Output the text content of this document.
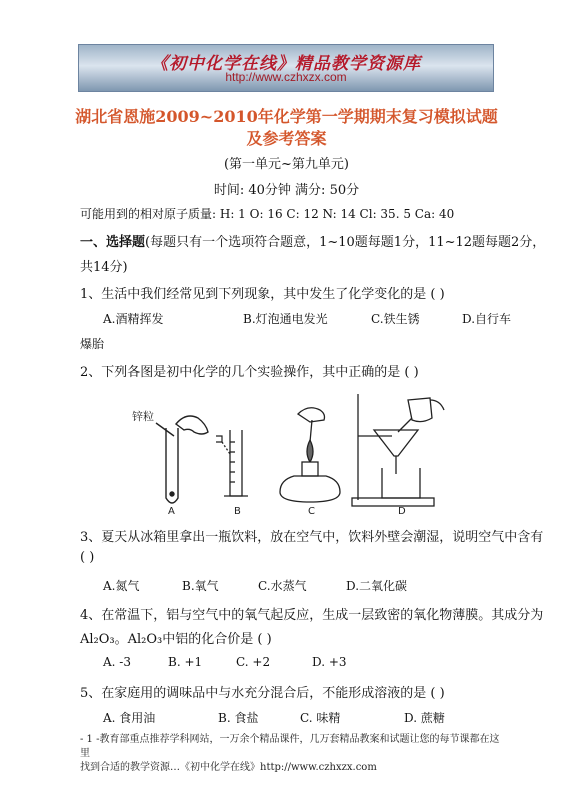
《初中化学在线》精品教学资源库
http://www.czhxzx.com
湖北省恩施2009~2010年化学第一学期期末复习模拟试题
及参考答案
(第一单元~第九单元)
时间: 40分钟 满分: 50分
可能用到的相对原子质量: H: 1 O: 16 C: 12 N: 14 Cl: 35. 5 Ca: 40
一、选择题(每题只有一个选项符合题意，1~10题每题1分，11~12题每题2分，
共14分)
1、生活中我们经常见到下列现象，其中发生了化学变化的是 ( )
A.酒精挥发	B.灯泡通电发光	C.铁生锈	D.自行车
爆胎
2、下列各图是初中化学的几个实验操作，其中正确的是 ( )
锌粒
A	B	C	D
3、夏天从冰箱里拿出一瓶饮料，放在空气中，饮料外壁会潮湿，说明空气中含有
( )
A.氮气	B.氧气	C.水蒸气	D.二氧化碳
4、在常温下，铝与空气中的氧气起反应，生成一层致密的氧化物薄膜。其成分为
Al₂O₃。Al₂O₃中铝的化合价是 ( )
A. -3	B. +1	C. +2	D. +3
5、在家庭用的调味品中与水充分混合后，不能形成溶液的是 ( )
A. 食用油	B. 食盐	C. 味精	D. 蔗糖
- 1 -教育部重点推荐学科网站，一万余个精品课件，几万套精品教案和试题让您的每节课都在这里
找到合适的教学资源…《初中化学在线》http://www.czhxzx.com
